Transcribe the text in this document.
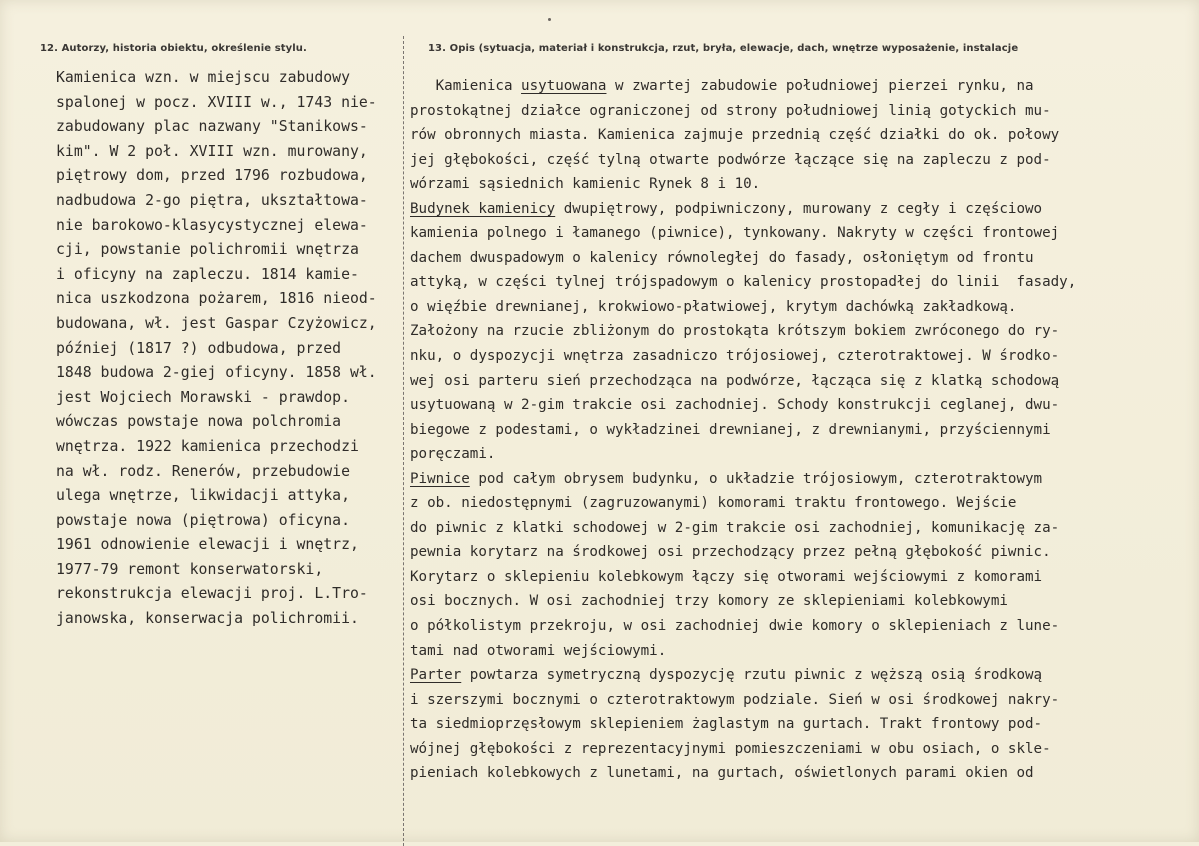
12. Autorzy, historia obiektu, określenie stylu.	13. Opis (sytuacja, materiał i konstrukcja, rzut, bryła, elewacje, dach, wnętrze wyposażenie, instalacje
Kamienica wzn. w miejscu zabudowy
spalonej w pocz. XVIII w., 1743 nie-
zabudowany plac nazwany "Stanikows-
kim". W 2 poł. XVIII wzn. murowany,
piętrowy dom, przed 1796 rozbudowa,
nadbudowa 2-go piętra, ukształtowa-
nie barokowo-klasycystycznej elewa-
cji, powstanie polichromii wnętrza
i oficyny na zapleczu. 1814 kamie-
nica uszkodzona pożarem, 1816 nieod-
budowana, wł. jest Gaspar Czyżowicz,
później (1817 ?) odbudowa, przed
1848 budowa 2-giej oficyny. 1858 wł.
jest Wojciech Morawski - prawdop.
wówczas powstaje nowa polchromia
wnętrza. 1922 kamienica przechodzi
na wł. rodz. Renerów, przebudowie
ulega wnętrze, likwidacji attyka,
powstaje nowa (piętrowa) oficyna.
1961 odnowienie elewacji i wnętrz,
1977-79 remont konserwatorski,
rekonstrukcja elewacji proj. L.Tro-
janowska, konserwacja polichromii.
Kamienica usytuowana w zwartej zabudowie południowej pierzei rynku, na
prostokątnej działce ograniczonej od strony południowej linią gotyckich mu-
rów obronnych miasta. Kamienica zajmuje przednią część działki do ok. połowy
jej głębokości, część tylną otwarte podwórze łączące się na zapleczu z pod-
wórzami sąsiednich kamienic Rynek 8 i 10.
Budynek kamienicy dwupiętrowy, podpiwniczony, murowany z cegły i częściowo
kamienia polnego i łamanego (piwnice), tynkowany. Nakryty w części frontowej
dachem dwuspadowym o kalenicy równoległej do fasady, osłoniętym od frontu
attyką, w części tylnej trójspadowym o kalenicy prostopadłej do linii  fasady,
o więźbie drewnianej, krokwiowo-płatwiowej, krytym dachówką zakładkową.
Założony na rzucie zbliżonym do prostokąta krótszym bokiem zwróconego do ry-
nku, o dyspozycji wnętrza zasadniczo trójosiowej, czterotraktowej. W środko-
wej osi parteru sień przechodząca na podwórze, łącząca się z klatką schodową
usytuowaną w 2-gim trakcie osi zachodniej. Schody konstrukcji ceglanej, dwu-
biegowe z podestami, o wykładzinei drewnianej, z drewnianymi, przyściennymi
poręczami.
Piwnice pod całym obrysem budynku, o układzie trójosiowym, czterotraktowym
z ob. niedostępnymi (zagruzowanymi) komorami traktu frontowego. Wejście
do piwnic z klatki schodowej w 2-gim trakcie osi zachodniej, komunikację za-
pewnia korytarz na środkowej osi przechodzący przez pełną głębokość piwnic.
Korytarz o sklepieniu kolebkowym łączy się otworami wejściowymi z komorami
osi bocznych. W osi zachodniej trzy komory ze sklepieniami kolebkowymi
o półkolistym przekroju, w osi zachodniej dwie komory o sklepieniach z lune-
tami nad otworami wejściowymi.
Parter powtarza symetryczną dyspozycję rzutu piwnic z węższą osią środkową
i szerszymi bocznymi o czterotraktowym podziale. Sień w osi środkowej nakry-
ta siedmioprzęsłowym sklepieniem żaglastym na gurtach. Trakt frontowy pod-
wójnej głębokości z reprezentacyjnymi pomieszczeniami w obu osiach, o skle-
pieniach kolebkowych z lunetami, na gurtach, oświetlonych parami okien od
